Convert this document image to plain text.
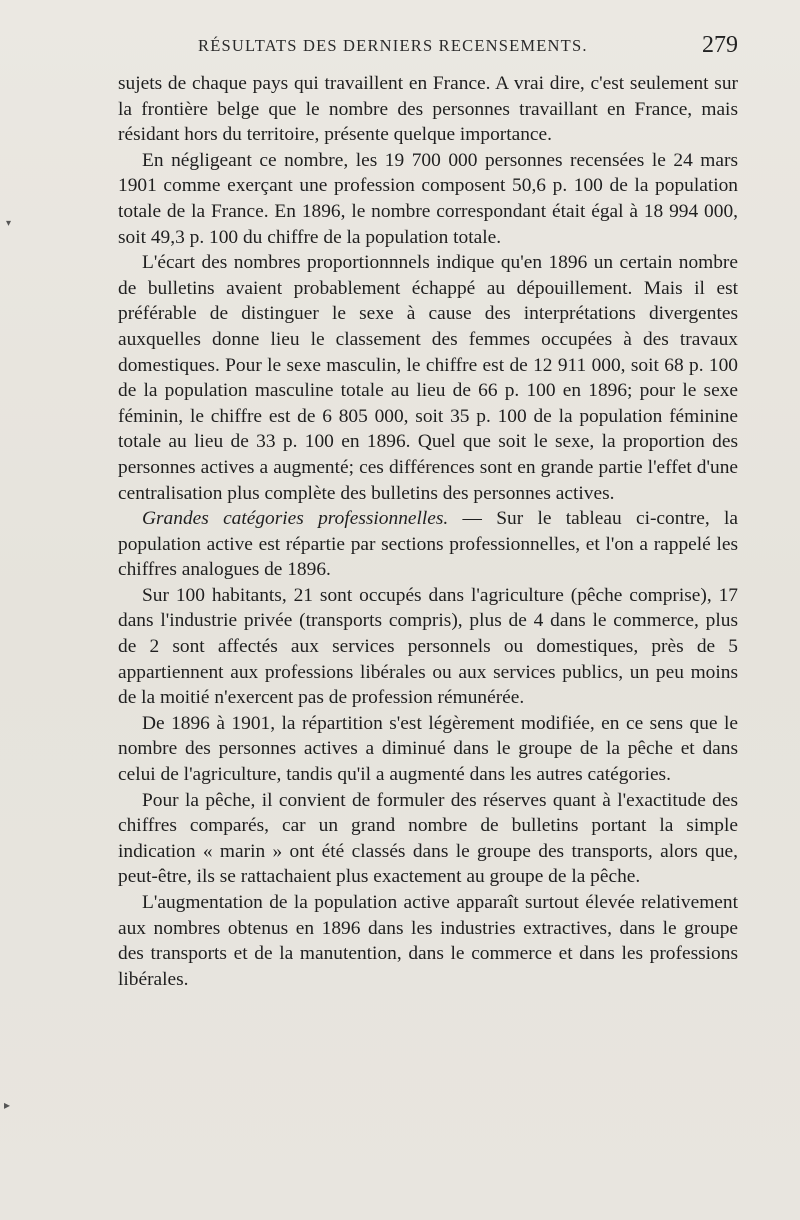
RÉSULTATS DES DERNIERS RECENSEMENTS.	279

sujets de chaque pays qui travaillent en France. A vrai dire, c'est seulement sur la frontière belge que le nombre des personnes travaillant en France, mais résidant hors du territoire, présente quelque importance.

En négligeant ce nombre, les 19 700 000 personnes recensées le 24 mars 1901 comme exerçant une profession composent 50,6 p. 100 de la population totale de la France. En 1896, le nombre correspondant était égal à 18 994 000, soit 49,3 p. 100 du chiffre de la population totale.

L'écart des nombres proportionnnels indique qu'en 1896 un certain nombre de bulletins avaient probablement échappé au dépouillement. Mais il est préférable de distinguer le sexe à cause des interprétations divergentes auxquelles donne lieu le classement des femmes occupées à des travaux domestiques. Pour le sexe masculin, le chiffre est de 12 911 000, soit 68 p. 100 de la population masculine totale au lieu de 66 p. 100 en 1896; pour le sexe féminin, le chiffre est de 6 805 000, soit 35 p. 100 de la population féminine totale au lieu de 33 p. 100 en 1896. Quel que soit le sexe, la proportion des personnes actives a augmenté; ces différences sont en grande partie l'effet d'une centralisation plus complète des bulletins des personnes actives.

Grandes catégories professionnelles. — Sur le tableau ci-contre, la population active est répartie par sections professionnelles, et l'on a rappelé les chiffres analogues de 1896.

Sur 100 habitants, 21 sont occupés dans l'agriculture (pêche comprise), 17 dans l'industrie privée (transports compris), plus de 4 dans le commerce, plus de 2 sont affectés aux services personnels ou domestiques, près de 5 appartiennent aux professions libérales ou aux services publics, un peu moins de la moitié n'exercent pas de profession rémunérée.

De 1896 à 1901, la répartition s'est légèrement modifiée, en ce sens que le nombre des personnes actives a diminué dans le groupe de la pêche et dans celui de l'agriculture, tandis qu'il a augmenté dans les autres catégories.

Pour la pêche, il convient de formuler des réserves quant à l'exactitude des chiffres comparés, car un grand nombre de bulletins portant la simple indication « marin » ont été classés dans le groupe des transports, alors que, peut-être, ils se rattachaient plus exactement au groupe de la pêche.

L'augmentation de la population active apparaît surtout élevée relativement aux nombres obtenus en 1896 dans les industries extractives, dans le groupe des transports et de la manutention, dans le commerce et dans les professions libérales.

▾
▸
